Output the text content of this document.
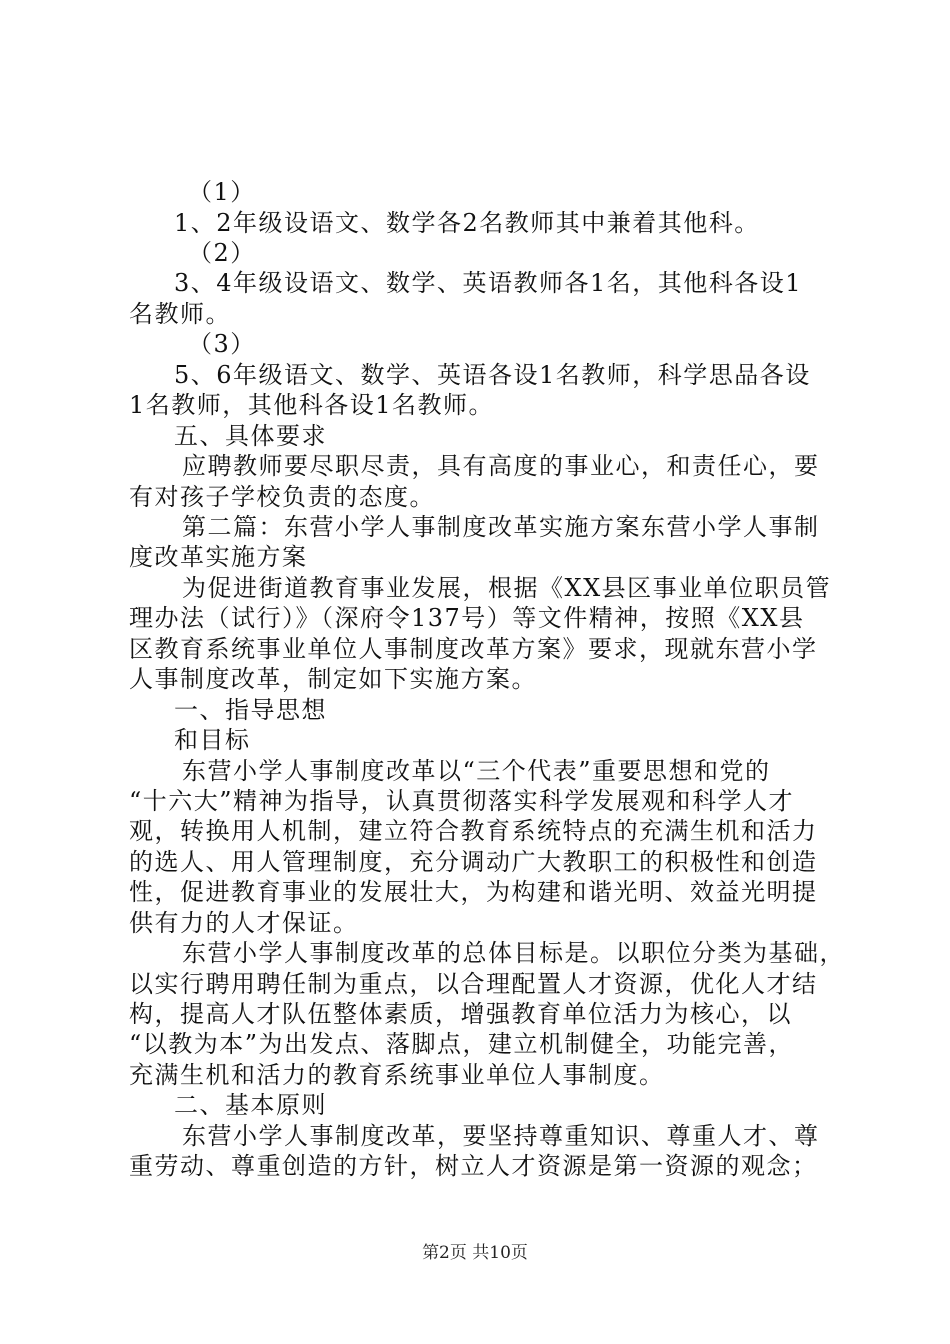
（1）
1、2年级设语文、数学各2名教师其中兼着其他科。
（2）
3、4年级设语文、数学、英语教师各1名，其他科各设1
名教师。
（3）
5、6年级语文、数学、英语各设1名教师，科学思品各设
1名教师，其他科各设1名教师。
五、具体要求
应聘教师要尽职尽责，具有高度的事业心，和责任心，要
有对孩子学校负责的态度。
第二篇：东营小学人事制度改革实施方案东营小学人事制
度改革实施方案
为促进街道教育事业发展，根据《XX县区事业单位职员管
理办法（试行）》（深府令137号）等文件精神，按照《XX县
区教育系统事业单位人事制度改革方案》要求，现就东营小学
人事制度改革，制定如下实施方案。
一、指导思想
和目标
东营小学人事制度改革以“三个代表”重要思想和党的
“十六大”精神为指导，认真贯彻落实科学发展观和科学人才
观，转换用人机制，建立符合教育系统特点的充满生机和活力
的选人、用人管理制度，充分调动广大教职工的积极性和创造
性，促进教育事业的发展壮大，为构建和谐光明、效益光明提
供有力的人才保证。
东营小学人事制度改革的总体目标是。以职位分类为基础，
以实行聘用聘任制为重点，以合理配置人才资源，优化人才结
构，提高人才队伍整体素质，增强教育单位活力为核心，以
“以教为本”为出发点、落脚点，建立机制健全，功能完善，
充满生机和活力的教育系统事业单位人事制度。
二、基本原则
东营小学人事制度改革，要坚持尊重知识、尊重人才、尊
重劳动、尊重创造的方针，树立人才资源是第一资源的观念；
第2页 共10页
